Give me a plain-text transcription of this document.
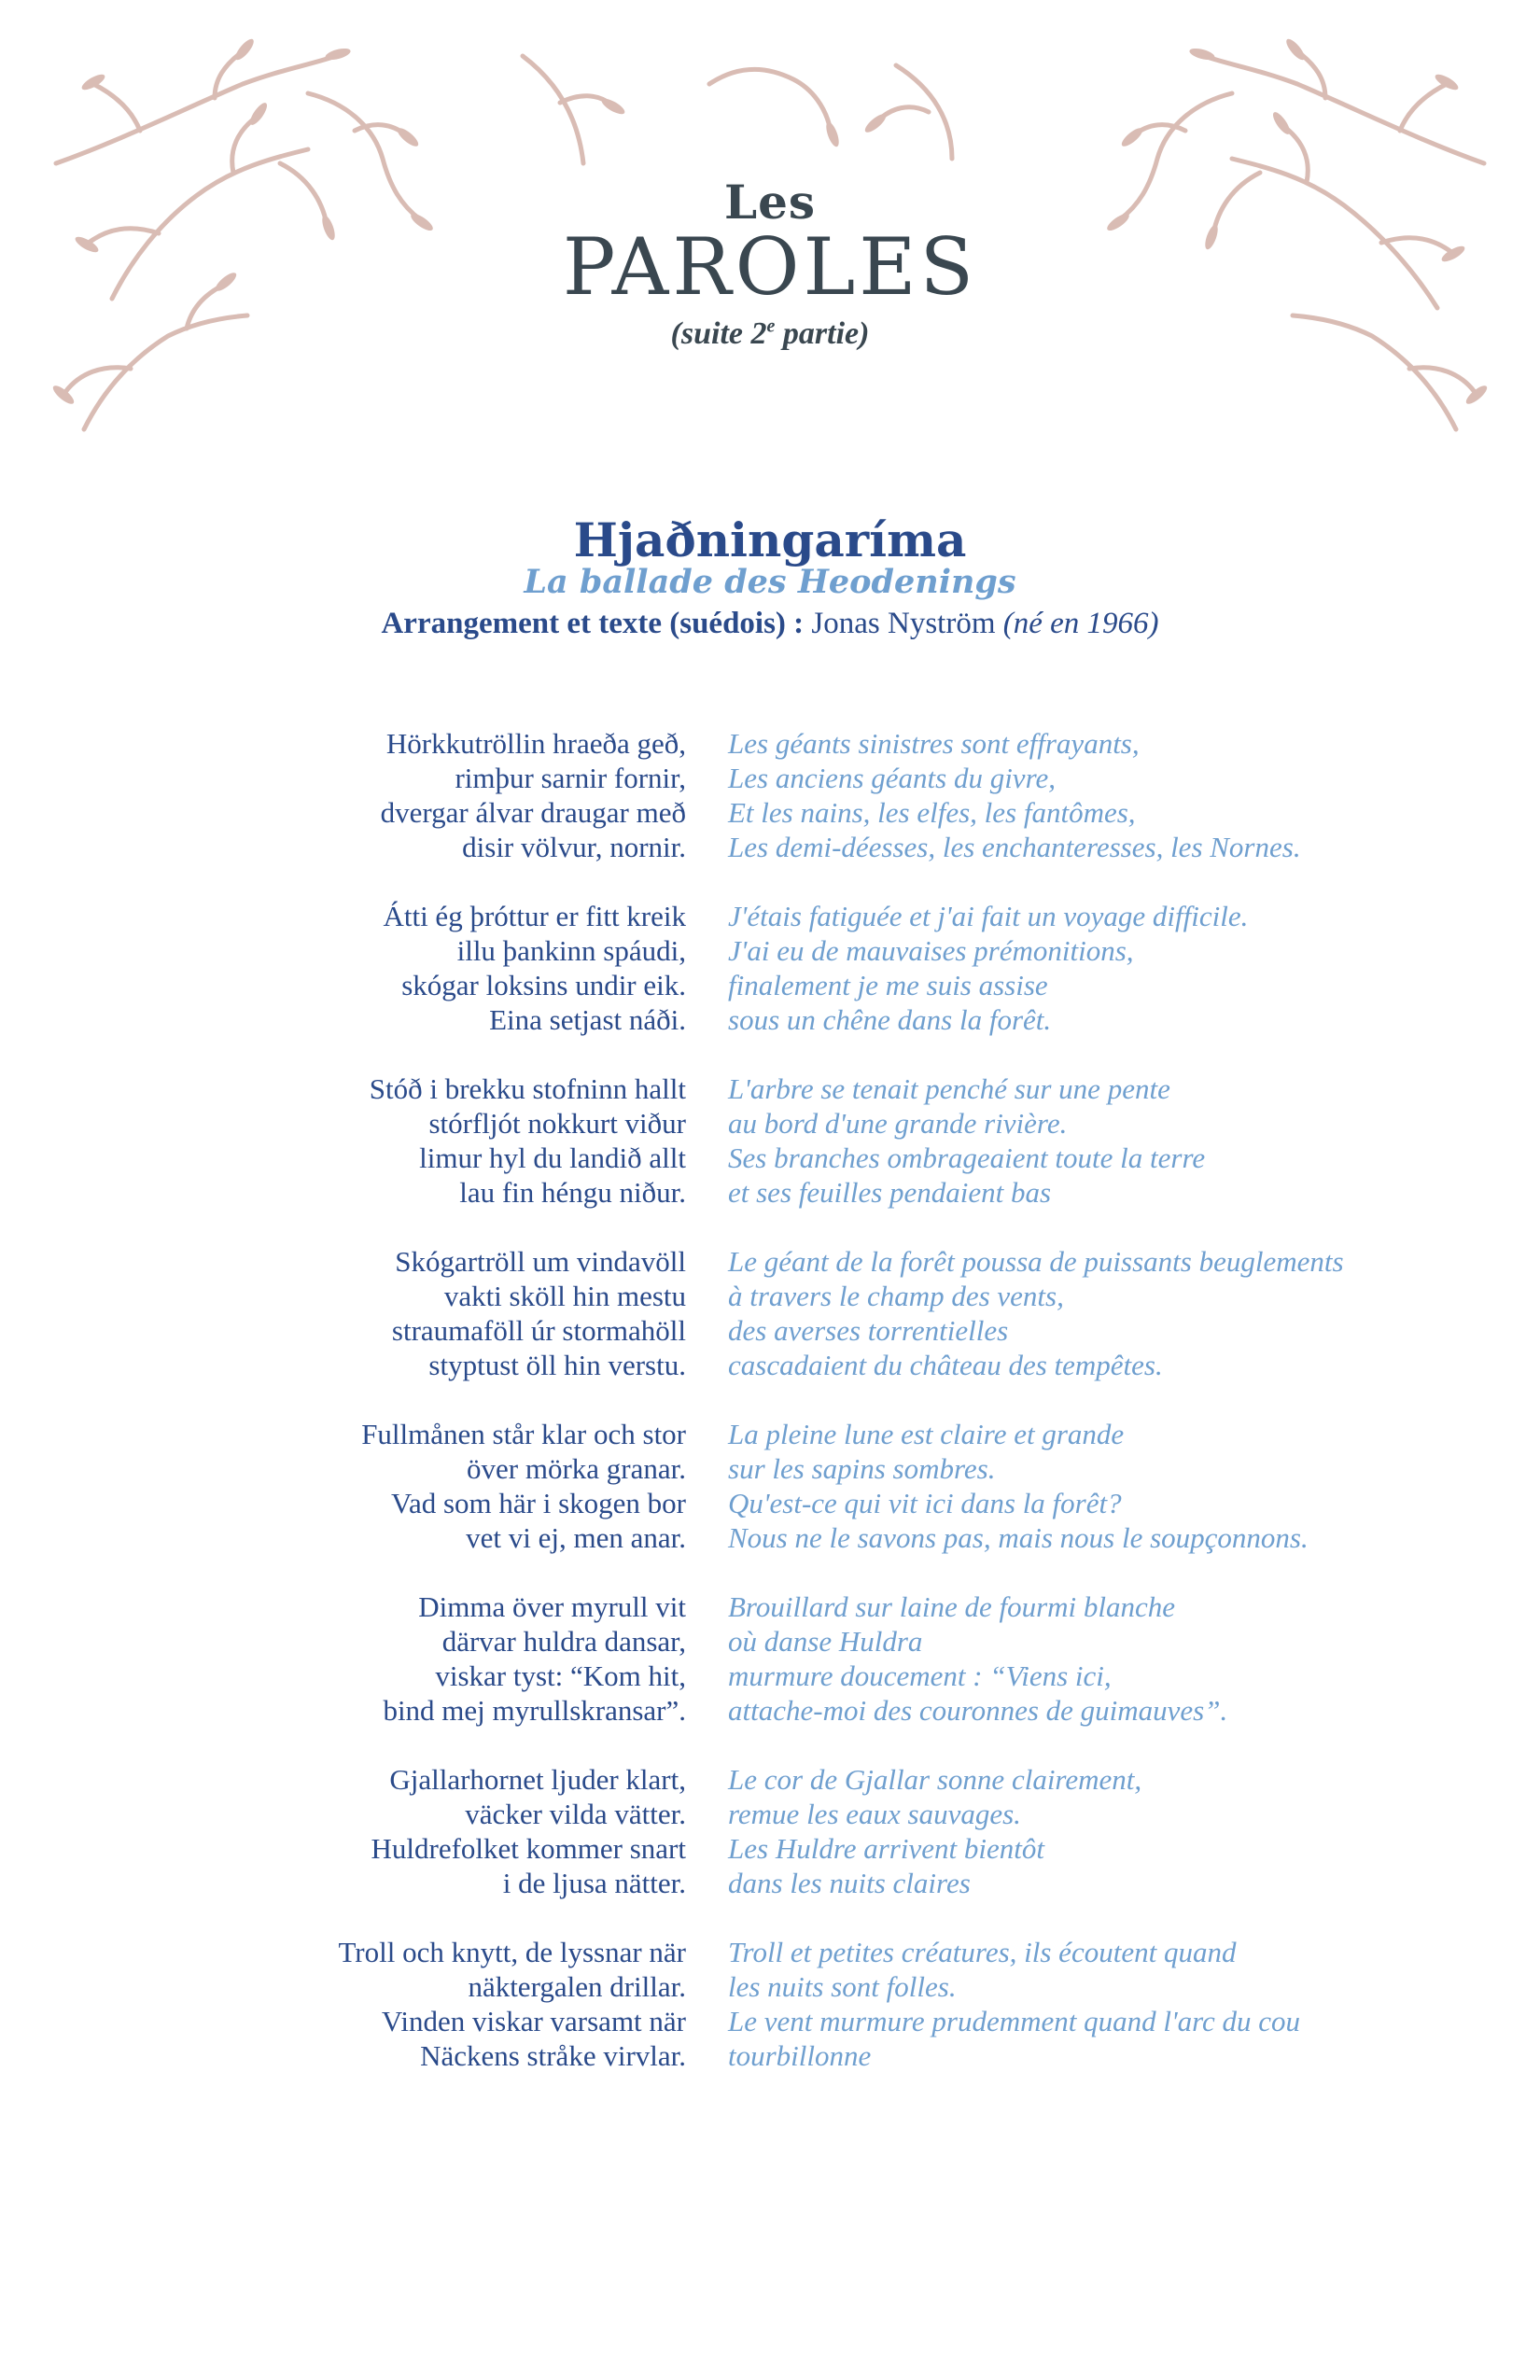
Les
PAROLES
(suite 2e partie)
Hjaðningaríma
La ballade des Heodenings
Arrangement et texte (suédois) : Jonas Nyström (né en 1966)
Hörkkutröllin hraeða geð,
rimþur sarnir fornir,
dvergar álvar draugar með
disir völvur, nornir.
Les géants sinistres sont effrayants,
Les anciens géants du givre,
Et les nains, les elfes, les fantômes,
Les demi-déesses, les enchanteresses, les Nornes.
Átti ég þróttur er fitt kreik
illu þankinn spáudi,
skógar loksins undir eik.
Eina setjast náði.
J'étais fatiguée et j'ai fait un voyage difficile.
J'ai eu de mauvaises prémonitions,
finalement je me suis assise
sous un chêne dans la forêt.
Stóð i brekku stofninn hallt
stórfljót nokkurt viður
limur hyl du landið allt
lau fin héngu niður.
L'arbre se tenait penché sur une pente
au bord d'une grande rivière.
Ses branches ombrageaient toute la terre
et ses feuilles pendaient bas
Skógartröll um vindavöll
vakti sköll hin mestu
straumaföll úr stormahöll
styptust öll hin verstu.
Le géant de la forêt poussa de puissants beuglements
à travers le champ des vents,
des averses torrentielles
cascadaient du château des tempêtes.
Fullmånen står klar och stor
över mörka granar.
Vad som här i skogen bor
vet vi ej, men anar.
La pleine lune est claire et grande
sur les sapins sombres.
Qu'est-ce qui vit ici dans la forêt?
Nous ne le savons pas, mais nous le soupçonnons.
Dimma över myrull vit
därvar huldra dansar,
viskar tyst: “Kom hit,
bind mej myrullskransar”.
Brouillard sur laine de fourmi blanche
où danse Huldra
murmure doucement : “Viens ici,
attache-moi des couronnes de guimauves”.
Gjallarhornet ljuder klart,
väcker vilda vätter.
Huldrefolket kommer snart
i de ljusa nätter.
Le cor de Gjallar sonne clairement,
remue les eaux sauvages.
Les Huldre arrivent bientôt
dans les nuits claires
Troll och knytt, de lyssnar när
näktergalen drillar.
Vinden viskar varsamt när
Näckens stråke virvlar.
Troll et petites créatures, ils écoutent quand
les nuits sont folles.
Le vent murmure prudemment quand l'arc du cou
tourbillonne
